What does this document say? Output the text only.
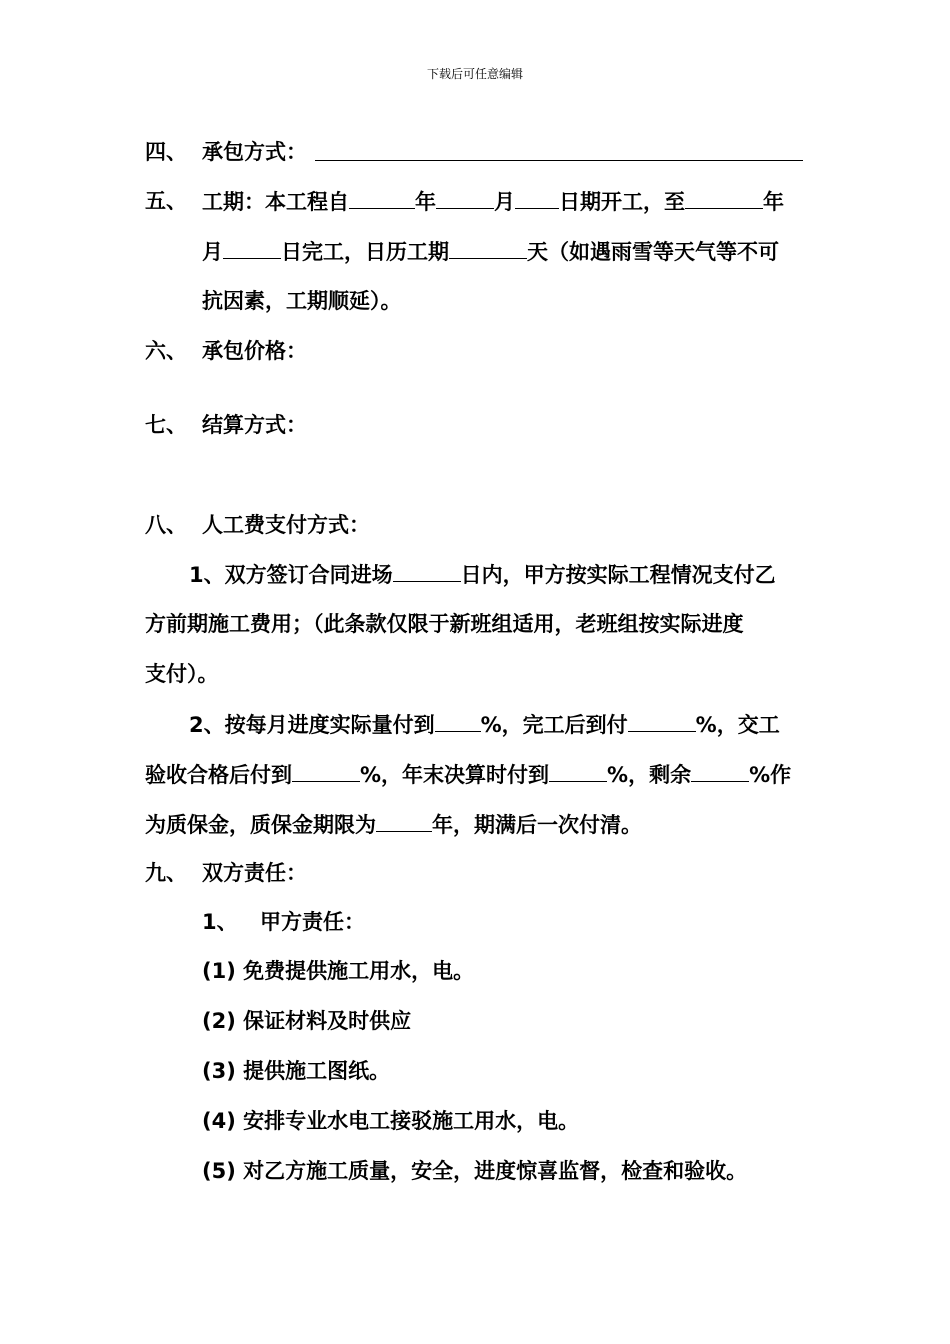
下载后可任意编辑
四、 承包方式：
五、 工期：本工程自	年	月 日期开工，至	年
月	日完工，日历工期	天（如遇雨雪等天气等不可
抗因素，工期顺延）。
六、 承包价格：
七、 结算方式：
八、 人工费支付方式：
1、双方签订合同进场	日内，甲方按实际工程情况支付乙
方前期施工费用；（此条款仅限于新班组适用，老班组按实际进度
支付）。
2、按每月进度实际量付到 %，完工后到付	%，交工
验收合格后付到	%，年末决算时付到	%，剩余	%作
为质保金，质保金期限为	年，期满后一次付清。
九、 双方责任：
1、 甲方责任：
(1) 免费提供施工用水，电。
(2) 保证材料及时供应
(3) 提供施工图纸。
(4) 安排专业水电工接驳施工用水，电。
(5) 对乙方施工质量，安全，进度惊喜监督，检查和验收。
